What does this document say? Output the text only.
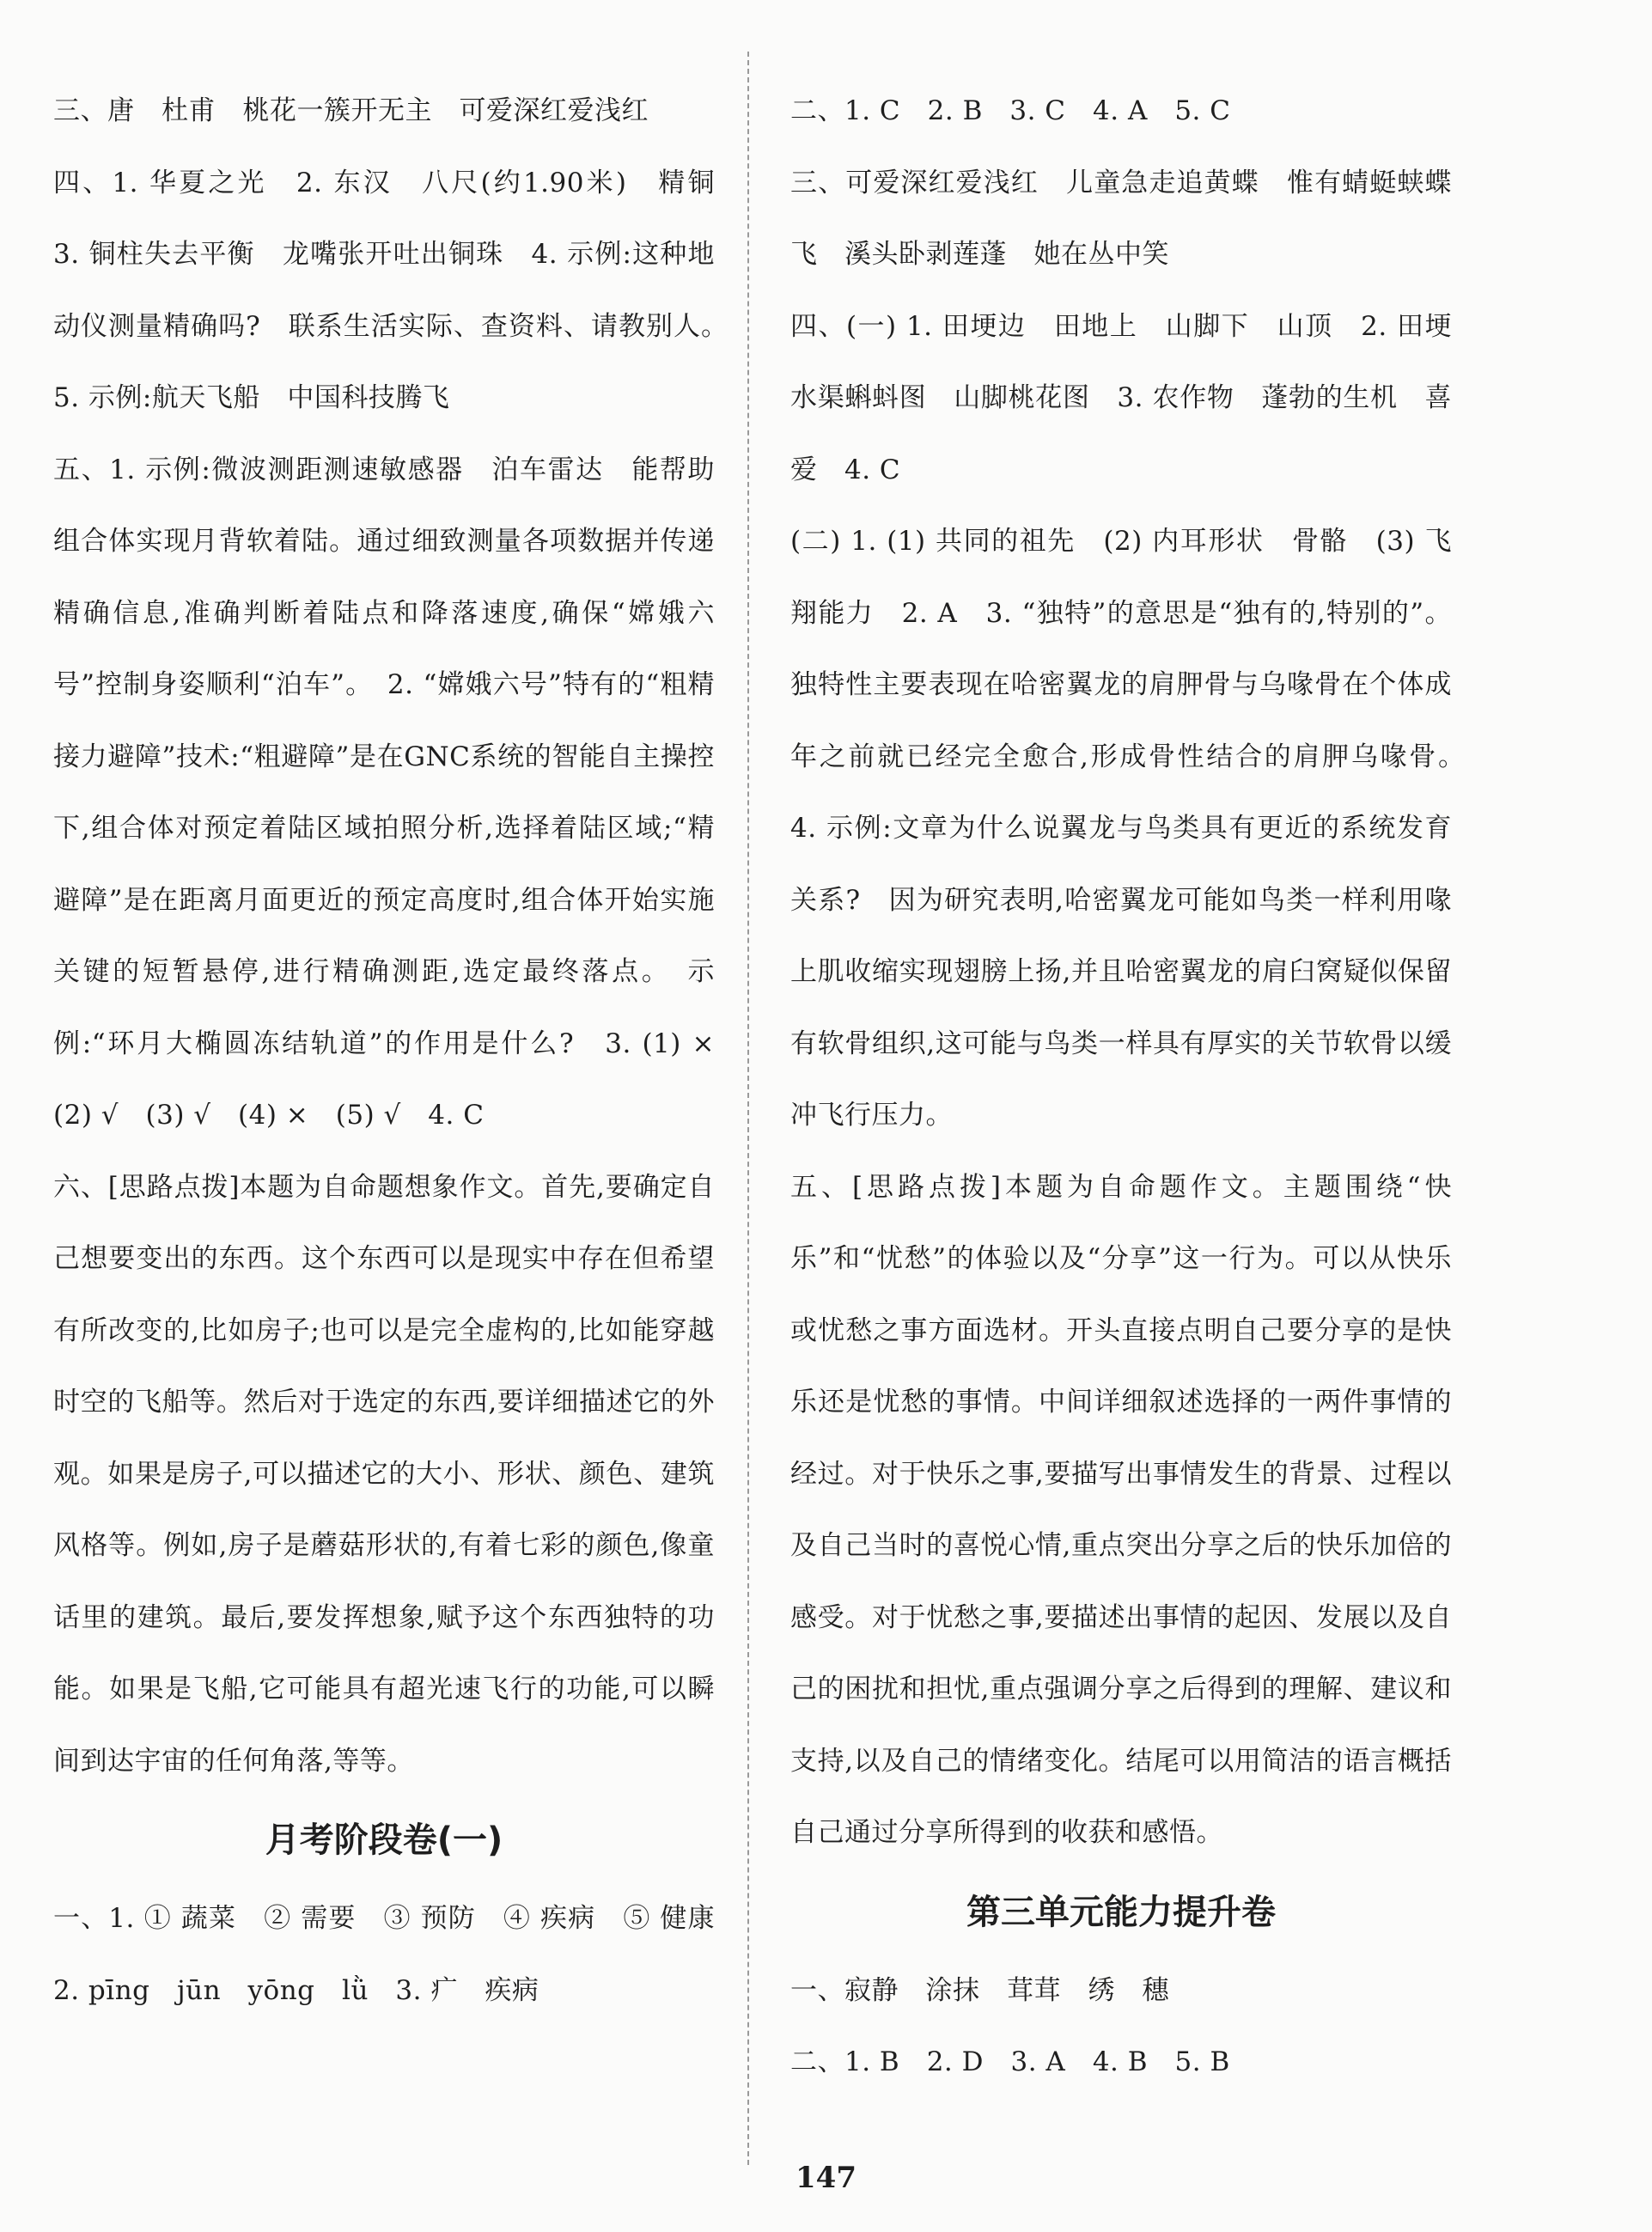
三、唐　杜甫　桃花一簇开无主　可爱深红爱浅红

四、1. 华夏之光　2. 东汉　八尺(约1.90米)　精铜　3. 铜柱失去平衡　龙嘴张开吐出铜珠　4. 示例:这种地动仪测量精确吗?　联系生活实际、查资料、请教别人。　5. 示例:航天飞船　中国科技腾飞

五、1. 示例:微波测距测速敏感器　泊车雷达　能帮助组合体实现月背软着陆。通过细致测量各项数据并传递精确信息,准确判断着陆点和降落速度,确保“嫦娥六号”控制身姿顺利“泊车”。　2. “嫦娥六号”特有的“粗精接力避障”技术:“粗避障”是在GNC系统的智能自主操控下,组合体对预定着陆区域拍照分析,选择着陆区域;“精避障”是在距离月面更近的预定高度时,组合体开始实施关键的短暂悬停,进行精确测距,选定最终落点。　示例:“环月大椭圆冻结轨道”的作用是什么?　3. (1) ×　(2) √　(3) √　(4) ×　(5) √　4. C

六、[思路点拨]本题为自命题想象作文。首先,要确定自己想要变出的东西。这个东西可以是现实中存在但希望有所改变的,比如房子;也可以是完全虚构的,比如能穿越时空的飞船等。然后对于选定的东西,要详细描述它的外观。如果是房子,可以描述它的大小、形状、颜色、建筑风格等。例如,房子是蘑菇形状的,有着七彩的颜色,像童话里的建筑。最后,要发挥想象,赋予这个东西独特的功能。如果是飞船,它可能具有超光速飞行的功能,可以瞬间到达宇宙的任何角落,等等。

月考阶段卷(一)

一、1. ① 蔬菜　② 需要　③ 预防　④ 疾病　⑤ 健康　2. pīng　jūn　yōng　lǜ　3. 疒　疾病

二、1. C　2. B　3. C　4. A　5. C

三、可爱深红爱浅红　儿童急走追黄蝶　惟有蜻蜓蛱蝶飞　溪头卧剥莲蓬　她在丛中笑

四、(一) 1. 田埂边　田地上　山脚下　山顶　2. 田埂水渠蝌蚪图　山脚桃花图　3. 农作物　蓬勃的生机　喜爱　4. C

(二) 1. (1) 共同的祖先　(2) 内耳形状　骨骼　(3) 飞翔能力　2. A　3. “独特”的意思是“独有的,特别的”。独特性主要表现在哈密翼龙的肩胛骨与乌喙骨在个体成年之前就已经完全愈合,形成骨性结合的肩胛乌喙骨。　4. 示例:文章为什么说翼龙与鸟类具有更近的系统发育关系?　因为研究表明,哈密翼龙可能如鸟类一样利用喙上肌收缩实现翅膀上扬,并且哈密翼龙的肩臼窝疑似保留有软骨组织,这可能与鸟类一样具有厚实的关节软骨以缓冲飞行压力。

五、[思路点拨]本题为自命题作文。主题围绕“快乐”和“忧愁”的体验以及“分享”这一行为。可以从快乐或忧愁之事方面选材。开头直接点明自己要分享的是快乐还是忧愁的事情。中间详细叙述选择的一两件事情的经过。对于快乐之事,要描写出事情发生的背景、过程以及自己当时的喜悦心情,重点突出分享之后的快乐加倍的感受。对于忧愁之事,要描述出事情的起因、发展以及自己的困扰和担忧,重点强调分享之后得到的理解、建议和支持,以及自己的情绪变化。结尾可以用简洁的语言概括自己通过分享所得到的收获和感悟。

第三单元能力提升卷

一、寂静　涂抹　茸茸　绣　穗

二、1. B　2. D　3. A　4. B　5. B

147
